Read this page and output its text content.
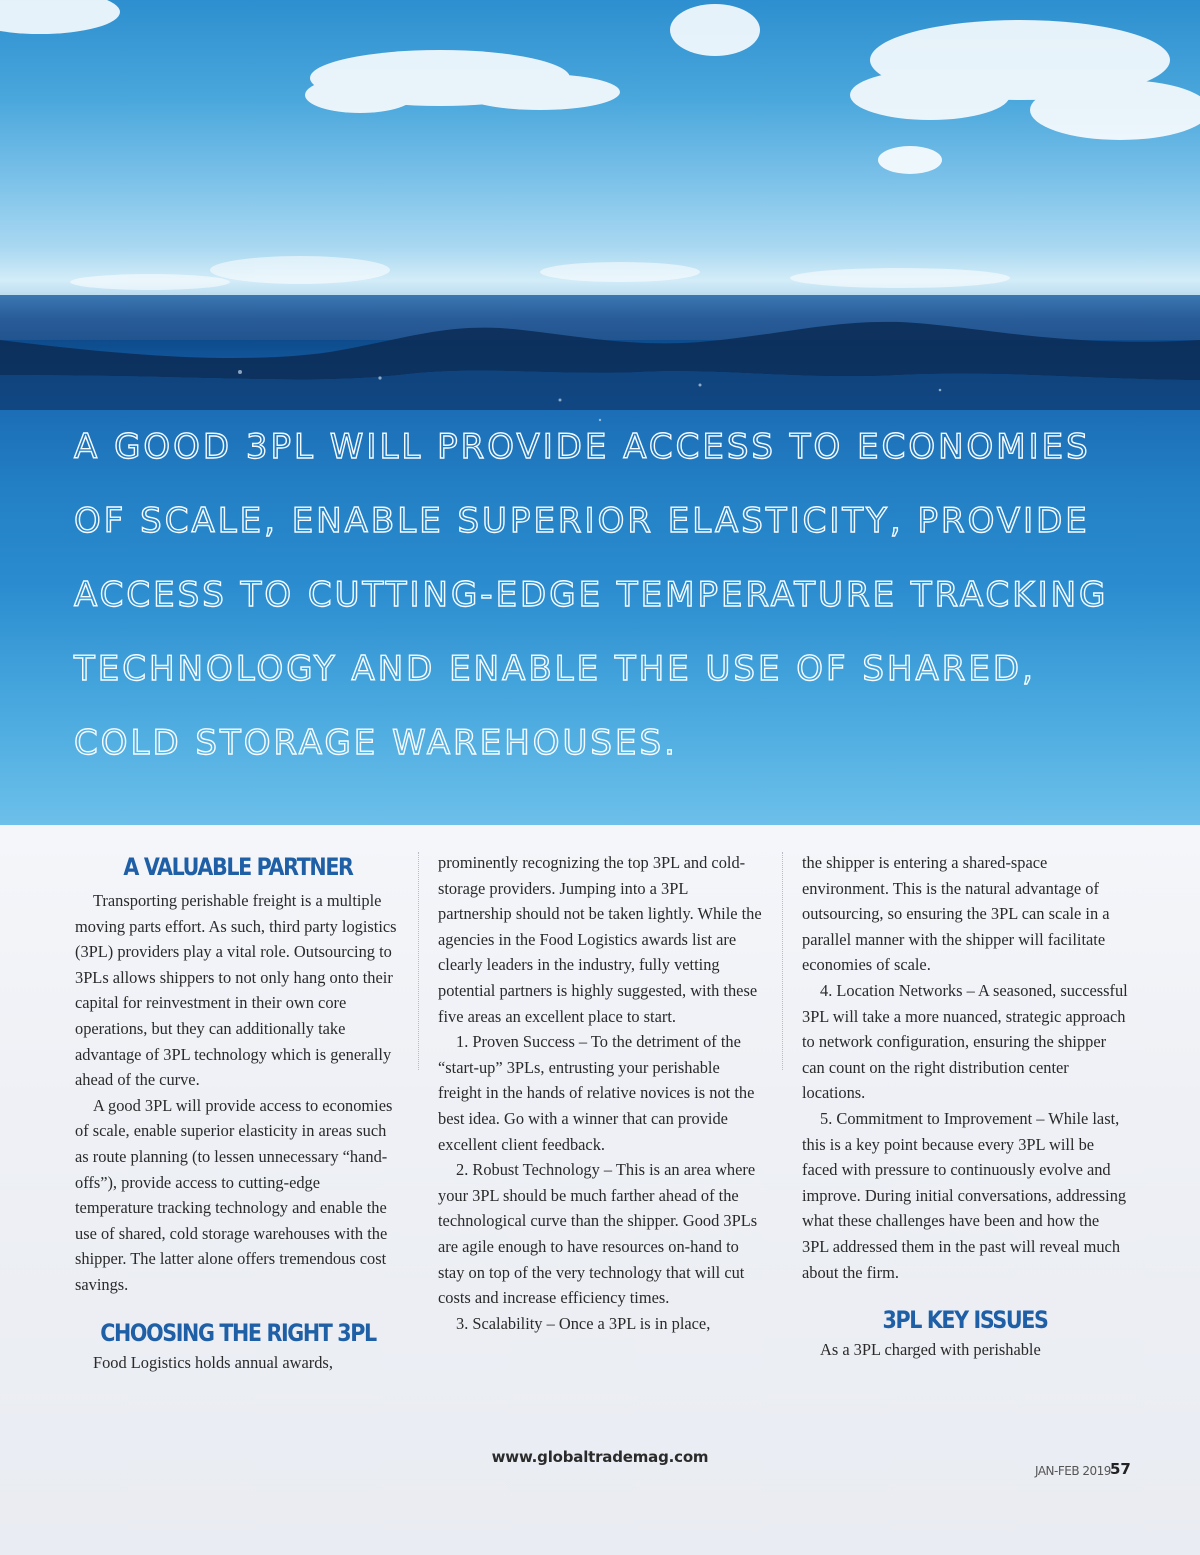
A GOOD 3PL WILL PROVIDE ACCESS TO ECONOMIES OF SCALE, ENABLE SUPERIOR ELASTICITY, PROVIDE ACCESS TO CUTTING-EDGE TEMPERATURE TRACKING TECHNOLOGY AND ENABLE THE USE OF SHARED, COLD STORAGE WAREHOUSES.

A VALUABLE PARTNER

Transporting perishable freight is a multiple moving parts effort. As such, third party logistics (3PL) providers play a vital role. Outsourcing to 3PLs allows shippers to not only hang onto their capital for reinvestment in their own core operations, but they can additionally take advantage of 3PL technology which is generally ahead of the curve.

A good 3PL will provide access to economies of scale, enable superior elasticity in areas such as route planning (to lessen unnecessary “hand-offs”), provide access to cutting-edge temperature tracking technology and enable the use of shared, cold storage warehouses with the shipper. The latter alone offers tremendous cost savings.

CHOOSING THE RIGHT 3PL

Food Logistics holds annual awards,

prominently recognizing the top 3PL and cold-storage providers. Jumping into a 3PL partnership should not be taken lightly. While the agencies in the Food Logistics awards list are clearly leaders in the industry, fully vetting potential partners is highly suggested, with these five areas an excellent place to start.

1. Proven Success – To the detriment of the “start-up” 3PLs, entrusting your perishable freight in the hands of relative novices is not the best idea. Go with a winner that can provide excellent client feedback.

2. Robust Technology – This is an area where your 3PL should be much farther ahead of the technological curve than the shipper. Good 3PLs are agile enough to have resources on-hand to stay on top of the very technology that will cut costs and increase efficiency times.

3. Scalability – Once a 3PL is in place,

the shipper is entering a shared-space environment. This is the natural advantage of outsourcing, so ensuring the 3PL can scale in a parallel manner with the shipper will facilitate economies of scale.

4. Location Networks – A seasoned, successful 3PL will take a more nuanced, strategic approach to network configuration, ensuring the shipper can count on the right distribution center locations.

5. Commitment to Improvement – While last, this is a key point because every 3PL will be faced with pressure to continuously evolve and improve. During initial conversations, addressing what these challenges have been and how the 3PL addressed them in the past will reveal much about the firm.

3PL KEY ISSUES

As a 3PL charged with perishable

www.globaltrademag.com
JAN-FEB 2019 57
